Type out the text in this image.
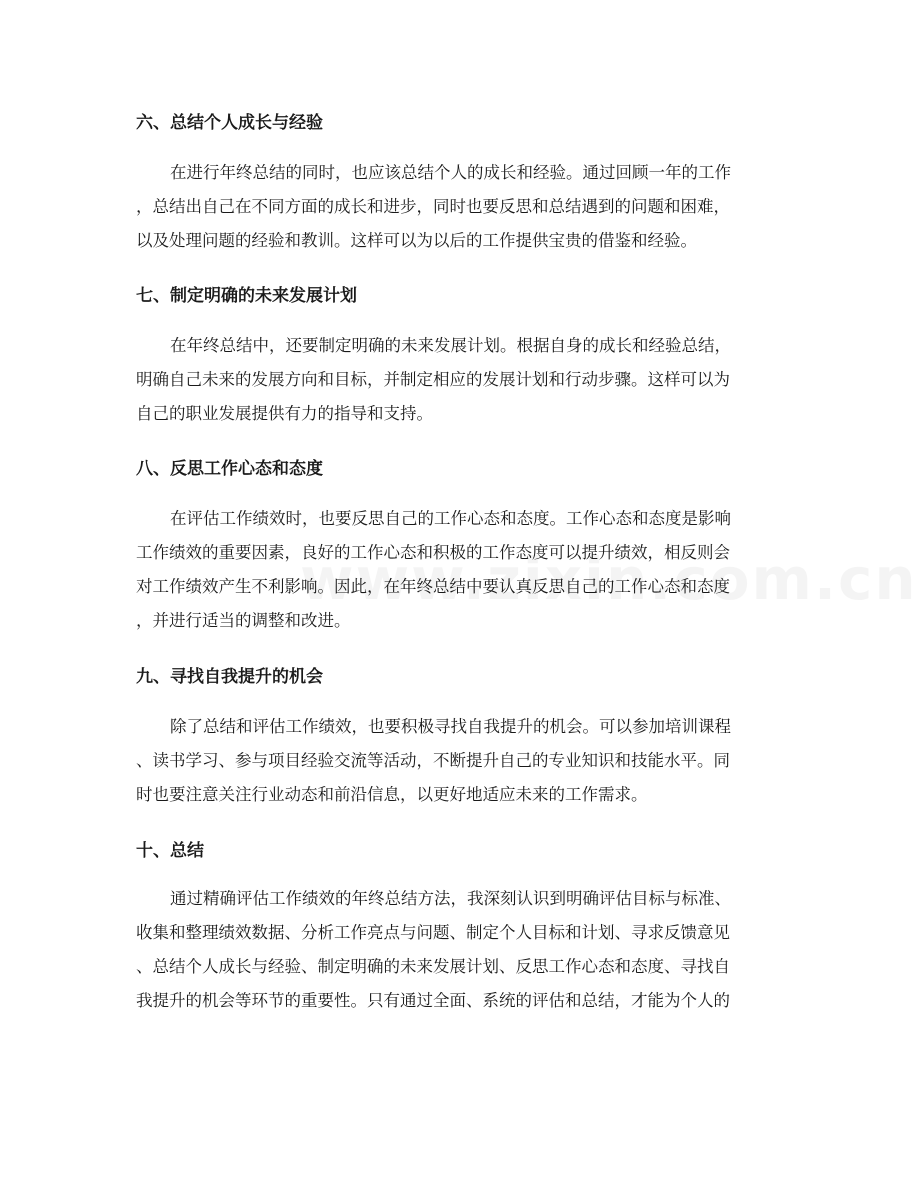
六、总结个人成长与经验
在进行年终总结的同时，也应该总结个人的成长和经验。通过回顾一年的工作
，总结出自己在不同方面的成长和进步，同时也要反思和总结遇到的问题和困难，
以及处理问题的经验和教训。这样可以为以后的工作提供宝贵的借鉴和经验。
七、制定明确的未来发展计划
在年终总结中，还要制定明确的未来发展计划。根据自身的成长和经验总结，
明确自己未来的发展方向和目标，并制定相应的发展计划和行动步骤。这样可以为
自己的职业发展提供有力的指导和支持。
八、反思工作心态和态度
在评估工作绩效时，也要反思自己的工作心态和态度。工作心态和态度是影响
工作绩效的重要因素，良好的工作心态和积极的工作态度可以提升绩效，相反则会
对工作绩效产生不利影响。因此，在年终总结中要认真反思自己的工作心态和态度
，并进行适当的调整和改进。
九、寻找自我提升的机会
除了总结和评估工作绩效，也要积极寻找自我提升的机会。可以参加培训课程
、读书学习、参与项目经验交流等活动，不断提升自己的专业知识和技能水平。同
时也要注意关注行业动态和前沿信息，以更好地适应未来的工作需求。
十、总结
通过精确评估工作绩效的年终总结方法，我深刻认识到明确评估目标与标准、
收集和整理绩效数据、分析工作亮点与问题、制定个人目标和计划、寻求反馈意见
、总结个人成长与经验、制定明确的未来发展计划、反思工作心态和态度、寻找自
我提升的机会等环节的重要性。只有通过全面、系统的评估和总结，才能为个人的
